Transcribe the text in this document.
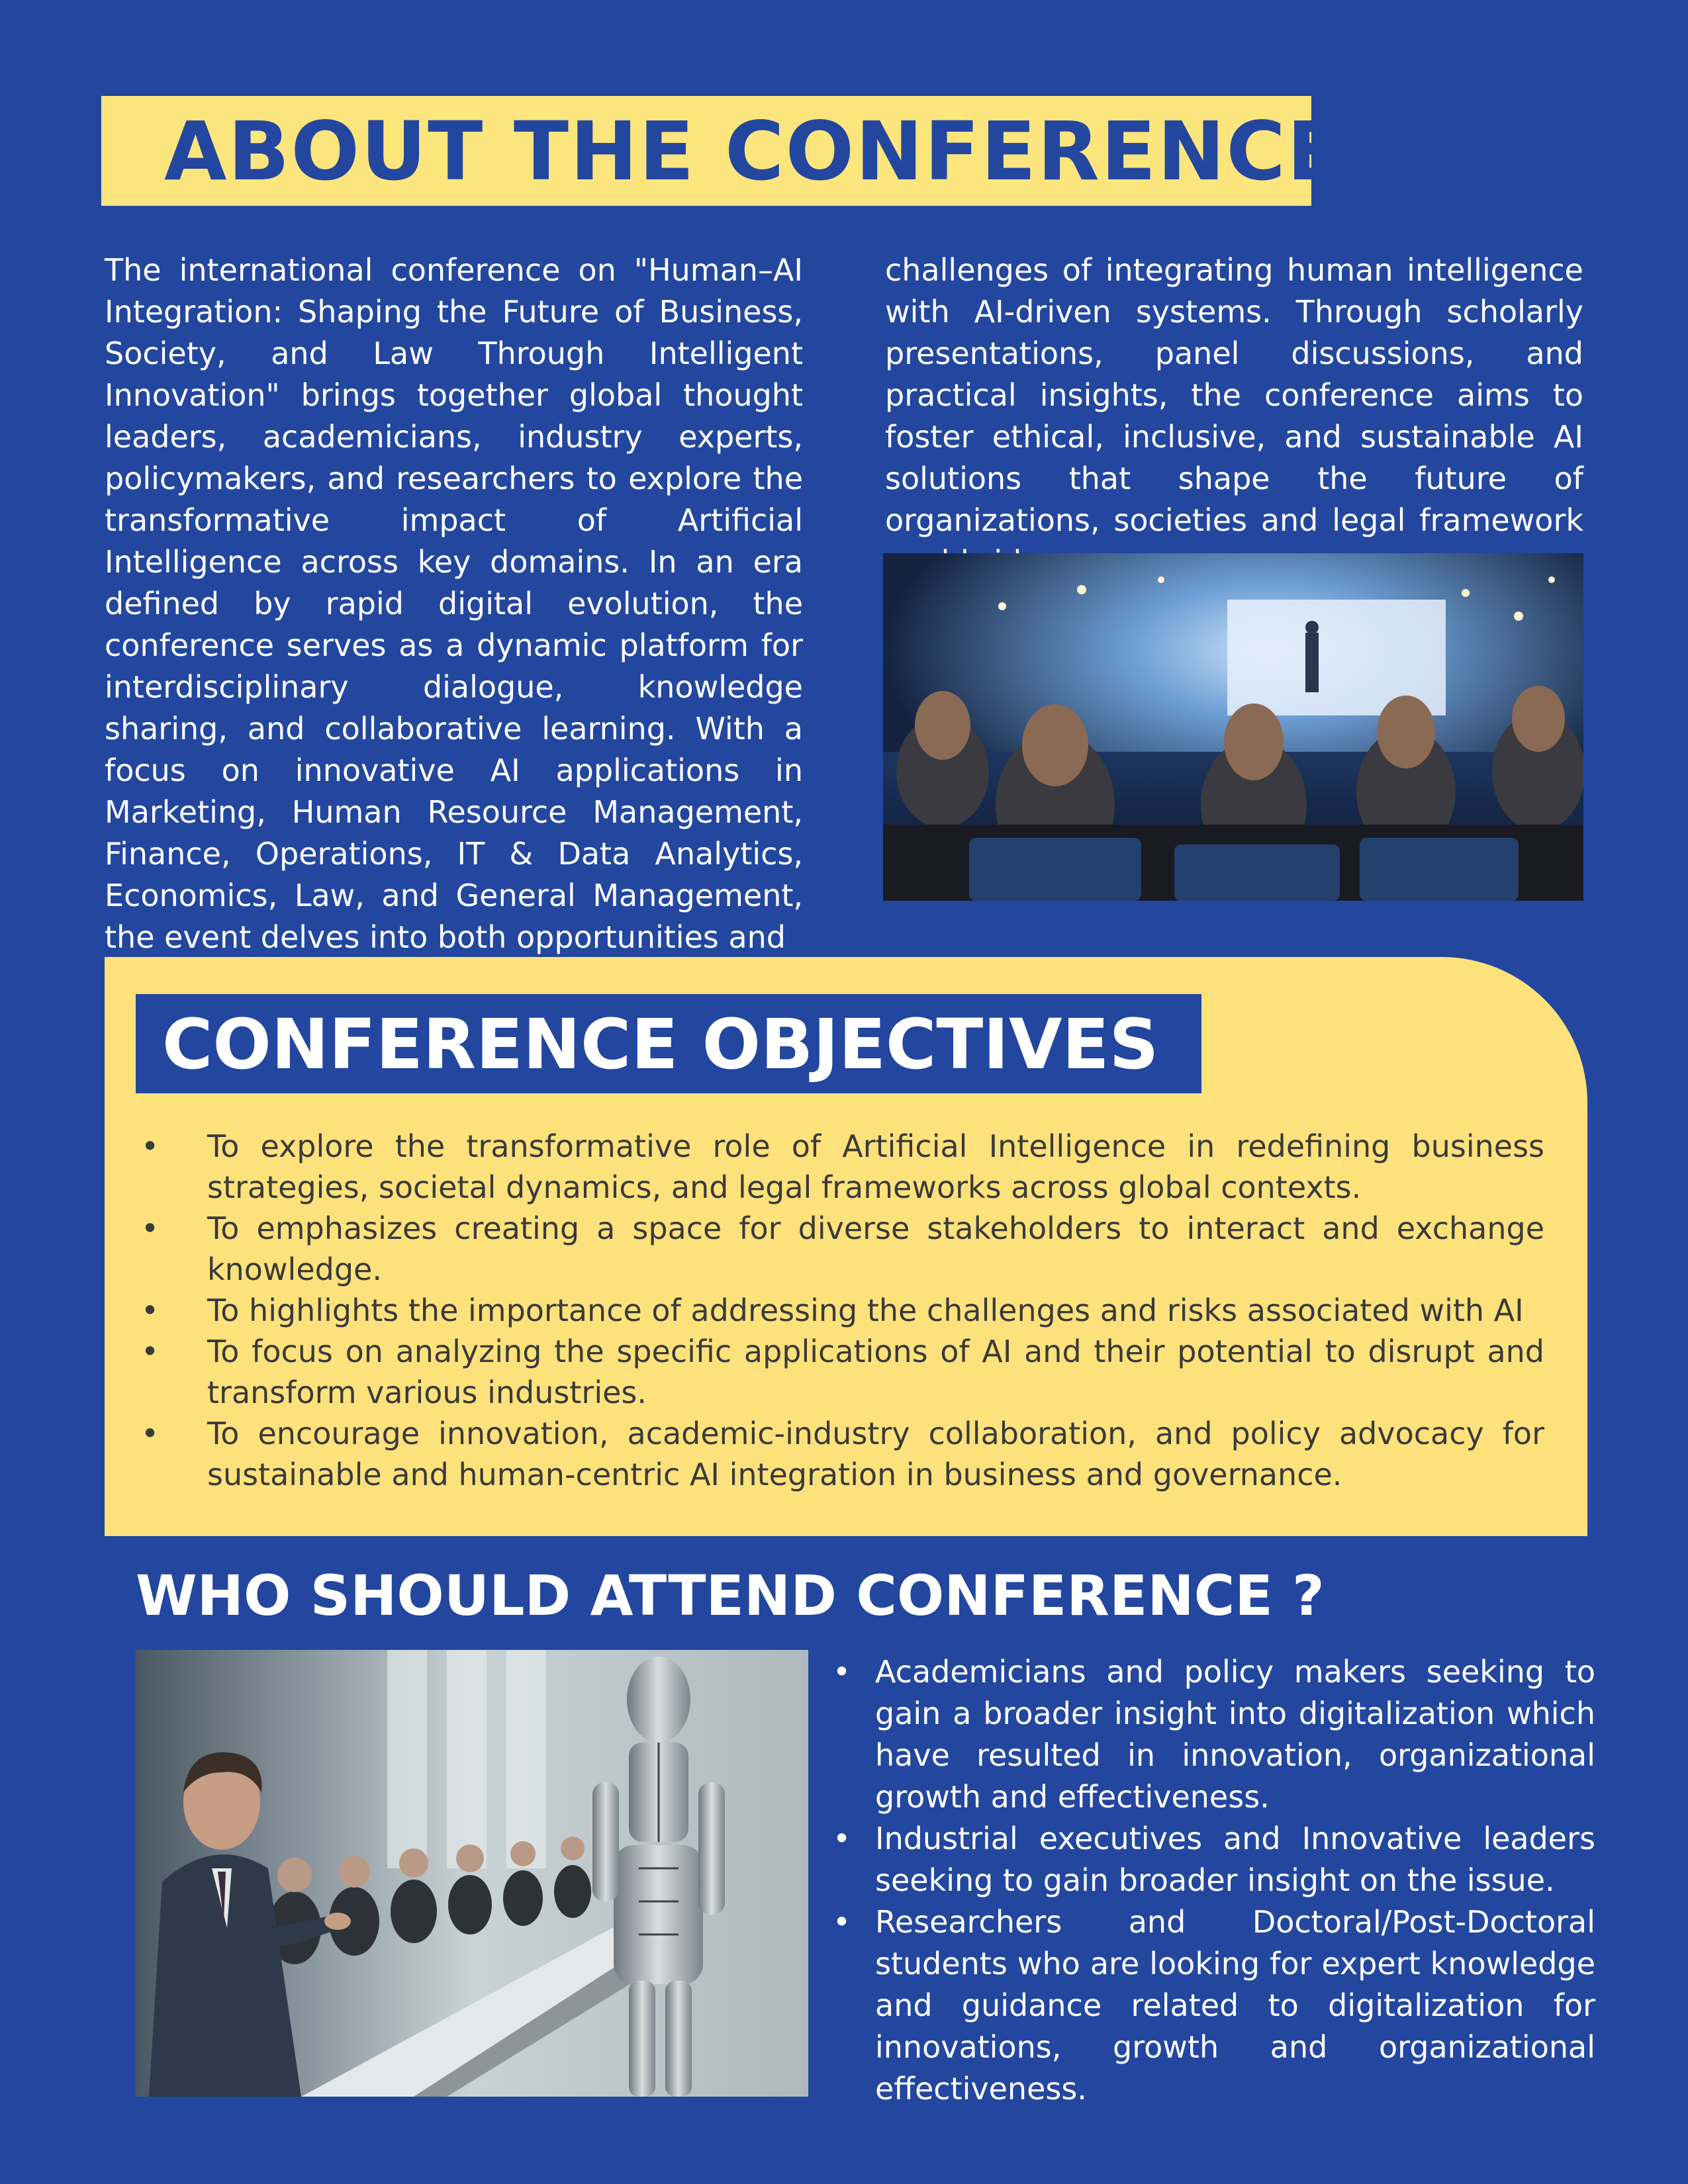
ABOUT THE CONFERENCE

The international conference on "Human–AI Integration: Shaping the Future of Business, Society, and Law Through Intelligent Innovation" brings together global thought leaders, academicians, industry experts, policymakers, and researchers to explore the transformative impact of Artificial Intelligence across key domains. In an era defined by rapid digital evolution, the conference serves as a dynamic platform for interdisciplinary dialogue, knowledge sharing, and collaborative learning. With a focus on innovative AI applications in Marketing, Human Resource Management, Finance, Operations, IT & Data Analytics, Economics, Law, and General Management, the event delves into both opportunities and

challenges of integrating human intelligence with AI-driven systems. Through scholarly presentations, panel discussions, and practical insights, the conference aims to foster ethical, inclusive, and sustainable AI solutions that shape the future of organizations, societies and legal framework

CONFERENCE OBJECTIVES
• To explore the transformative role of Artificial Intelligence in redefining business strategies, societal dynamics, and legal frameworks across global contexts.
• To emphasizes creating a space for diverse stakeholders to interact and exchange knowledge.
• To highlights the importance of addressing the challenges and risks associated with AI
• To focus on analyzing the specific applications of AI and their potential to disrupt and transform various industries.
• To encourage innovation, academic-industry collaboration, and policy advocacy for sustainable and human-centric AI integration in business and governance.
WHO SHOULD ATTEND CONFERENCE ?
• Academicians and policy makers seeking to gain a broader insight into digitalization which have resulted in innovation, organizational growth and effectiveness.
• Industrial executives and Innovative leaders seeking to gain broader insight on the issue.
• Researchers and Doctoral/Post-Doctoral students who are looking for expert knowledge and guidance related to digitalization for innovations, growth and organizational effectiveness.
